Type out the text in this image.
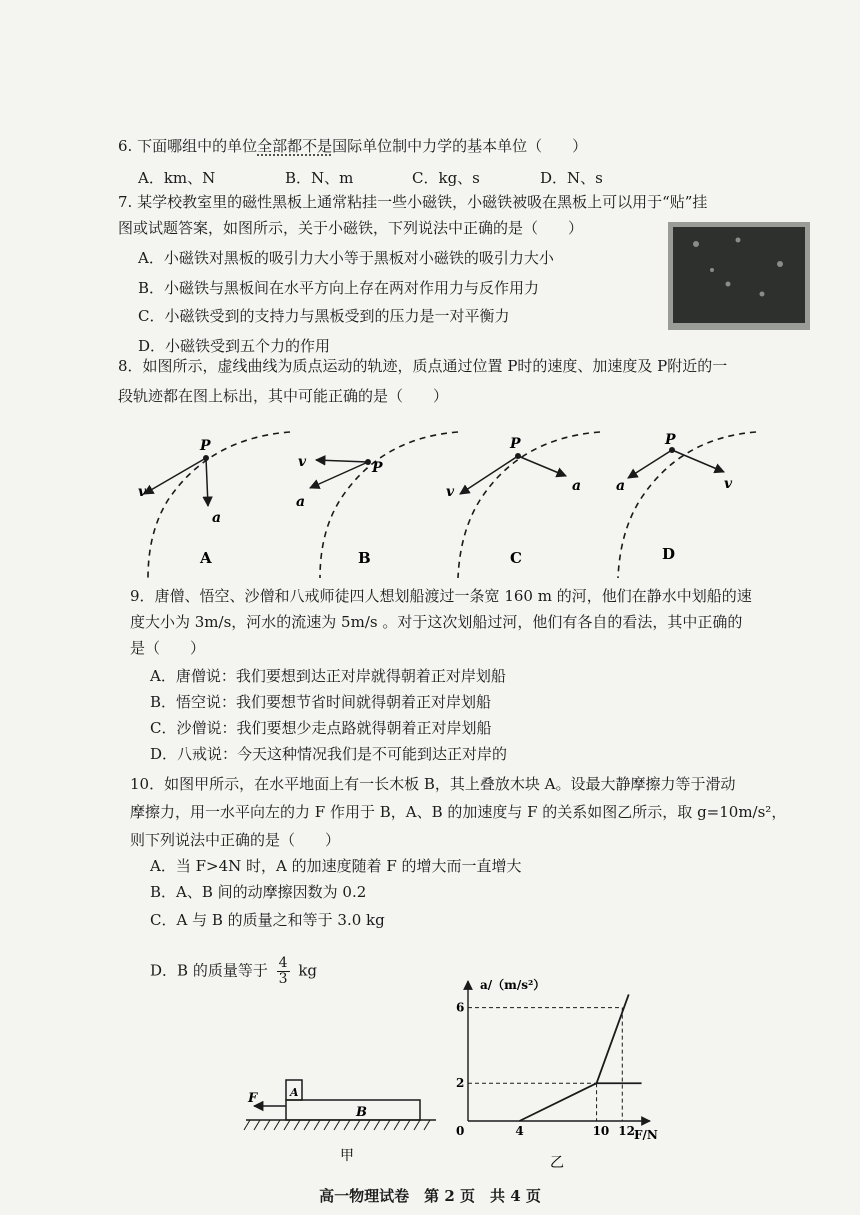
6. 下面哪组中的单位全部都不是国际单位制中力学的基本单位（　　）
A．km、N	B．N、m	C．kg、s	D．N、s
7. 某学校教室里的磁性黑板上通常粘挂一些小磁铁，小磁铁被吸在黑板上可以用于“贴”挂
图或试题答案，如图所示，关于小磁铁，下列说法中正确的是（　　）
A．小磁铁对黑板的吸引力大小等于黑板对小磁铁的吸引力大小
B．小磁铁与黑板间在水平方向上存在两对作用力与反作用力
C．小磁铁受到的支持力与黑板受到的压力是一对平衡力
D．小磁铁受到五个力的作用
8．如图所示，虚线曲线为质点运动的轨迹，质点通过位置 P时的速度、加速度及 P附近的一
段轨迹都在图上标出，其中可能正确的是（　　）
P
v
a
A
P
v
a
B
P
v	a
C
P
a	v
D
9．唐僧、悟空、沙僧和八戒师徒四人想划船渡过一条宽 160 m 的河，他们在静水中划船的速
度大小为 3m/s，河水的流速为 5m/s 。对于这次划船过河，他们有各自的看法，其中正确的
是（　　）
A．唐僧说：我们要想到达正对岸就得朝着正对岸划船
B．悟空说：我们要想节省时间就得朝着正对岸划船
C．沙僧说：我们要想少走点路就得朝着正对岸划船
D．八戒说：今天这种情况我们是不可能到达正对岸的
10．如图甲所示，在水平地面上有一长木板 B，其上叠放木块 A。设最大静摩擦力等于滑动
摩擦力，用一水平向左的力 F 作用于 B，A、B 的加速度与 F 的关系如图乙所示，取 g=10m/s²，
则下列说法中正确的是（　　）
A．当 F>4N 时，A 的加速度随着 F 的增大而一直增大
B．A、B 间的动摩擦因数为 0.2
C．A 与 B 的质量之和等于 3.0 kg
D．B 的质量等于 $\frac{4}{3}$ kg
F	A
B
甲
a/（m/s²）
F/N
0	4	10 12
2
6
乙
高一物理试卷　第 2 页　共 4 页
